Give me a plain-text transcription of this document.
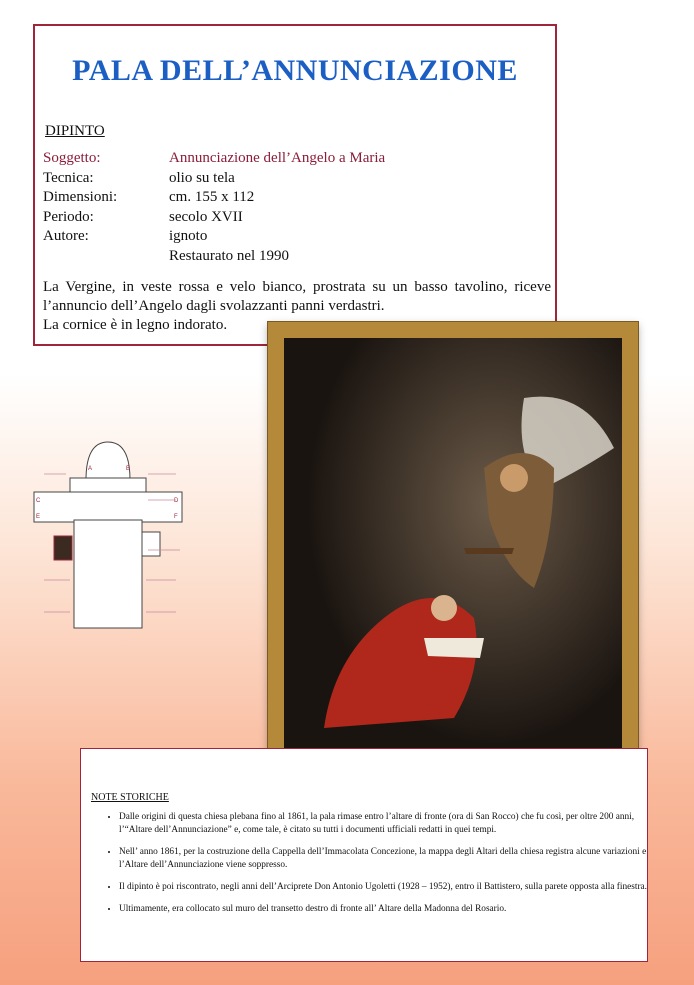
PALA DELL’ANNUNCIAZIONE
DIPINTO
Soggetto:	Annunciazione dell’Angelo a Maria
Tecnica:	olio su tela
Dimensioni:	cm. 155 x 112
Periodo:	secolo XVII
Autore:	ignoto
Restaurato nel 1990
La Vergine, in veste rossa e velo bianco, prostrata su un basso tavolino, riceve l’annuncio dell’Angelo dagli svolazzanti panni verdastri.
La cornice è in legno indorato.
A	B
C	D
E	F
NOTE STORICHE
• Dalle origini di questa chiesa plebana fino al 1861, la pala rimase entro l’altare di fronte (ora di San Rocco) che fu così, per oltre 200 anni, l’“Altare dell’Annunciazione” e, come tale, è citato su tutti i documenti ufficiali redatti in quei tempi.
• Nell’ anno 1861, per la costruzione della Cappella dell’Immacolata Concezione, la mappa degli Altari della chiesa registra alcune variazioni e l’Altare dell’Annunciazione viene soppresso.
• Il dipinto è poi riscontrato, negli anni dell’Arciprete Don Antonio Ugoletti (1928 – 1952), entro il Battistero, sulla parete opposta alla finestra.
• Ultimamente, era collocato sul muro del transetto destro di fronte all’ Altare della Madonna del Rosario.
